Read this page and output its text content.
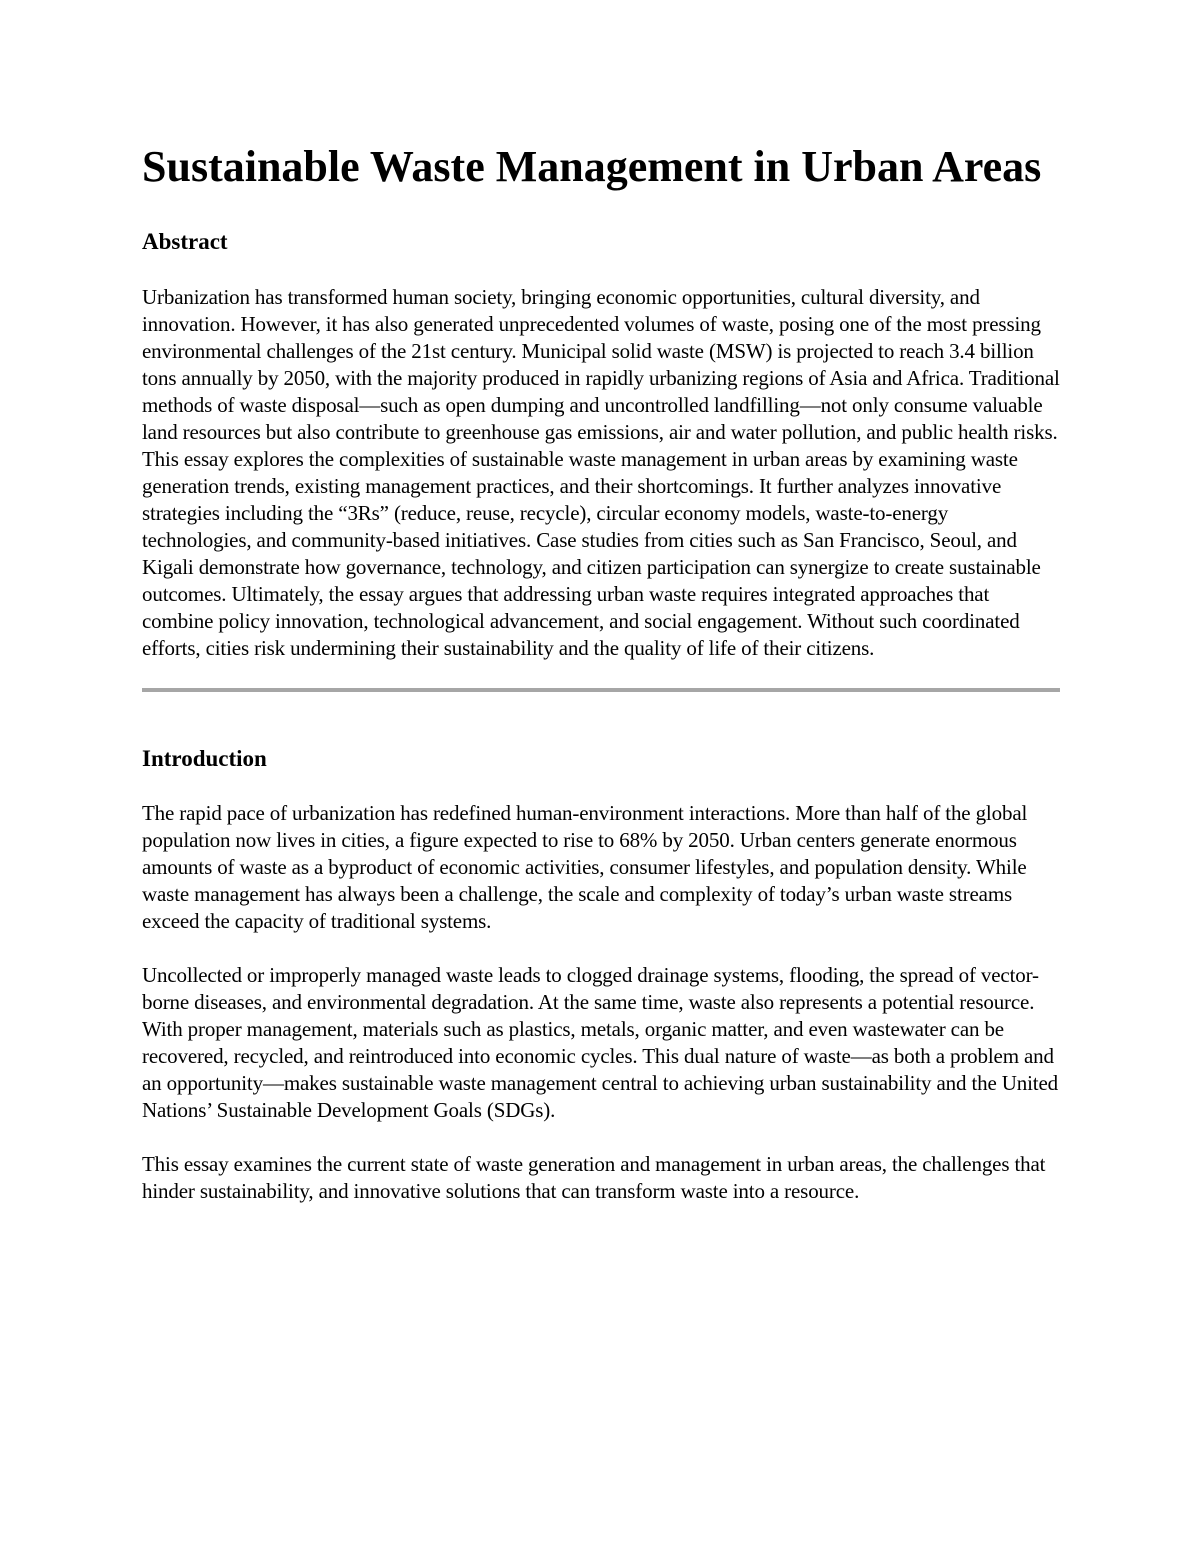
Sustainable Waste Management in Urban Areas
Abstract

Urbanization has transformed human society, bringing economic opportunities, cultural diversity, and innovation. However, it has also generated unprecedented volumes of waste, posing one of the most pressing environmental challenges of the 21st century. Municipal solid waste (MSW) is projected to reach 3.4 billion tons annually by 2050, with the majority produced in rapidly urbanizing regions of Asia and Africa. Traditional methods of waste disposal—such as open dumping and uncontrolled landfilling—not only consume valuable land resources but also contribute to greenhouse gas emissions, air and water pollution, and public health risks. This essay explores the complexities of sustainable waste management in urban areas by examining waste generation trends, existing management practices, and their shortcomings. It further analyzes innovative strategies including the “3Rs” (reduce, reuse, recycle), circular economy models, waste-to-energy technologies, and community-based initiatives. Case studies from cities such as San Francisco, Seoul, and Kigali demonstrate how governance, technology, and citizen participation can synergize to create sustainable outcomes. Ultimately, the essay argues that addressing urban waste requires integrated approaches that combine policy innovation, technological advancement, and social engagement. Without such coordinated efforts, cities risk undermining their sustainability and the quality of life of their citizens.

Introduction

The rapid pace of urbanization has redefined human-environment interactions. More than half of the global population now lives in cities, a figure expected to rise to 68% by 2050. Urban centers generate enormous amounts of waste as a byproduct of economic activities, consumer lifestyles, and population density. While waste management has always been a challenge, the scale and complexity of today’s urban waste streams exceed the capacity of traditional systems.

Uncollected or improperly managed waste leads to clogged drainage systems, flooding, the spread of vector-borne diseases, and environmental degradation. At the same time, waste also represents a potential resource. With proper management, materials such as plastics, metals, organic matter, and even wastewater can be recovered, recycled, and reintroduced into economic cycles. This dual nature of waste—as both a problem and an opportunity—makes sustainable waste management central to achieving urban sustainability and the United Nations’ Sustainable Development Goals (SDGs).

This essay examines the current state of waste generation and management in urban areas, the challenges that hinder sustainability, and innovative solutions that can transform waste into a resource.
